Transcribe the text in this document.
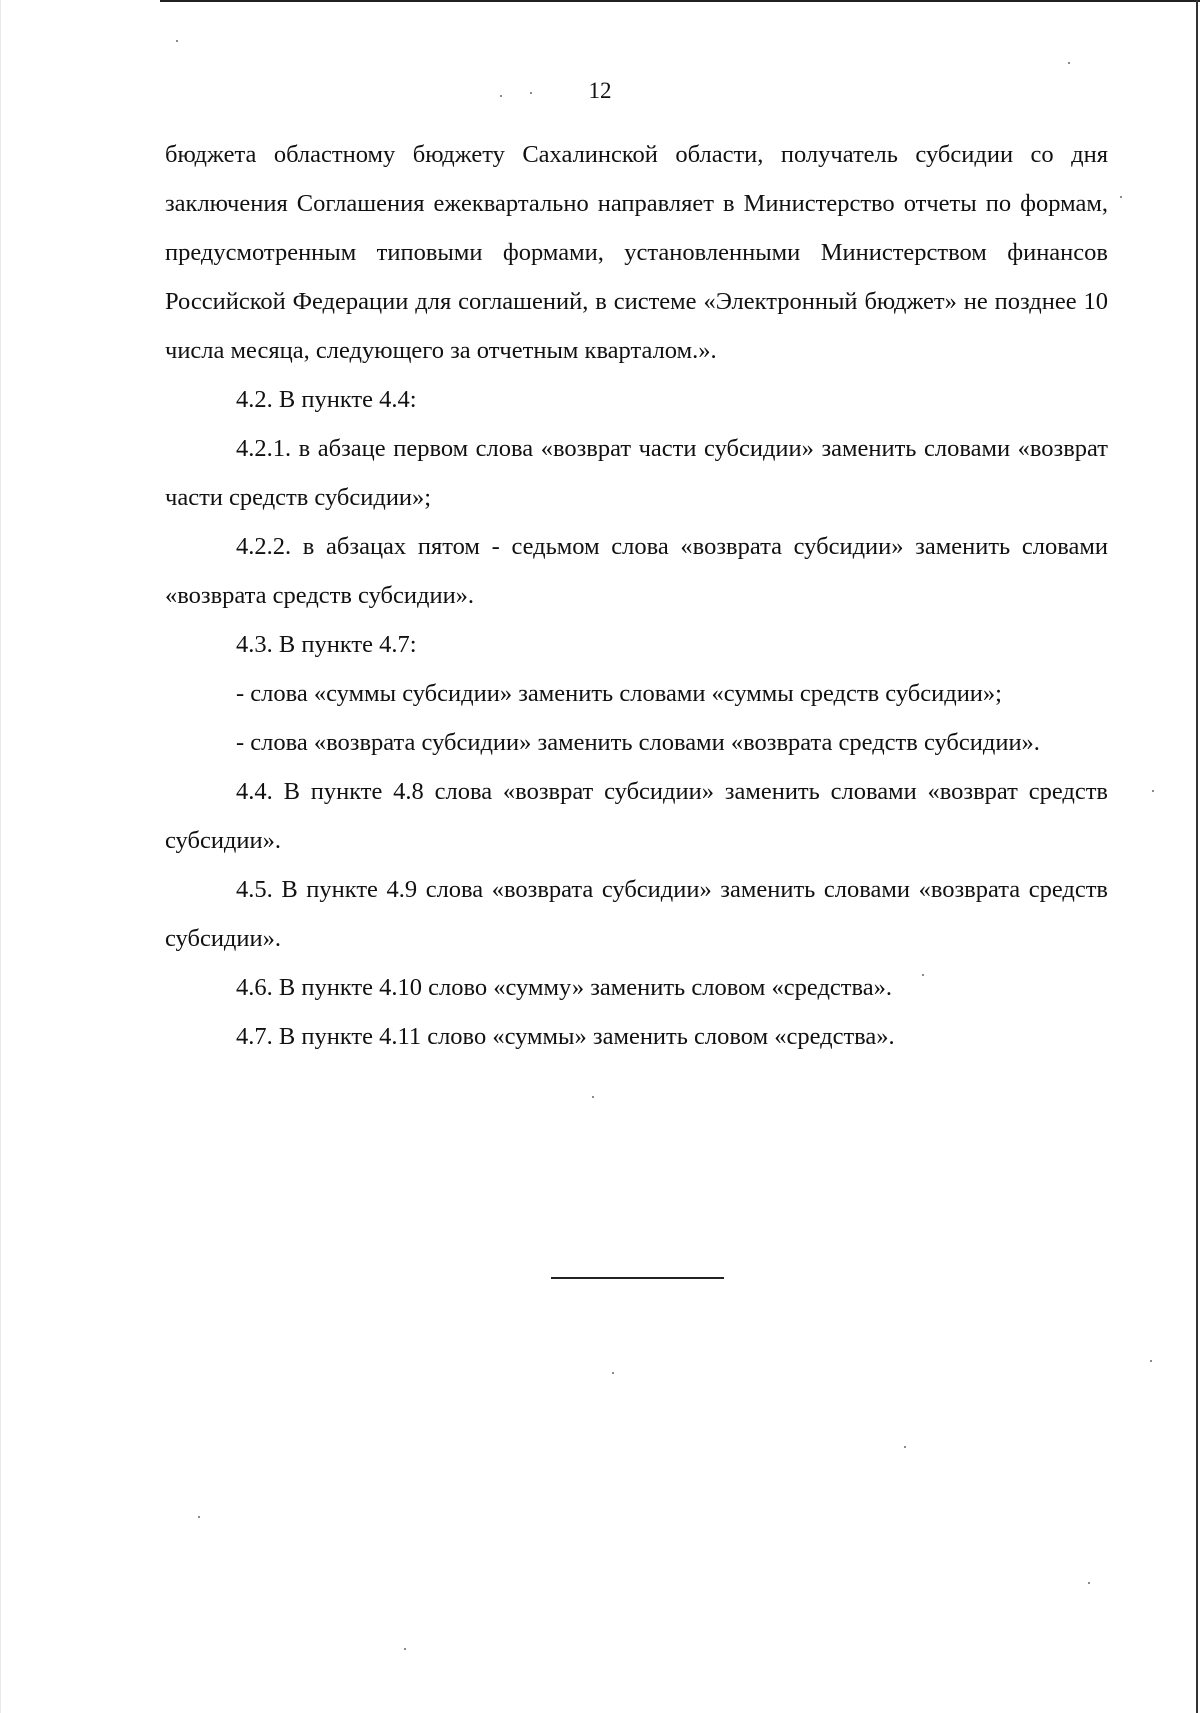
12

бюджета областному бюджету Сахалинской области, получатель субсидии со дня заключения Соглашения ежеквартально направляет в Министерство отчеты по формам, предусмотренным типовыми формами, установленными Министерством финансов Российской Федерации для соглашений, в системе «Электронный бюджет» не позднее 10 числа месяца, следующего за отчетным кварталом.».

4.2. В пункте 4.4:

4.2.1. в абзаце первом слова «возврат части субсидии» заменить словами «возврат части средств субсидии»;

4.2.2. в абзацах пятом - седьмом слова «возврата субсидии» заменить словами «возврата средств субсидии».

4.3. В пункте 4.7:

- слова «суммы субсидии» заменить словами «суммы средств субсидии»;

- слова «возврата субсидии» заменить словами «возврата средств субсидии».

4.4. В пункте 4.8 слова «возврат субсидии» заменить словами «возврат средств субсидии».

4.5. В пункте 4.9 слова «возврата субсидии» заменить словами «возврата средств субсидии».

4.6. В пункте 4.10 слово «сумму» заменить словом «средства».

4.7. В пункте 4.11 слово «суммы» заменить словом «средства».
